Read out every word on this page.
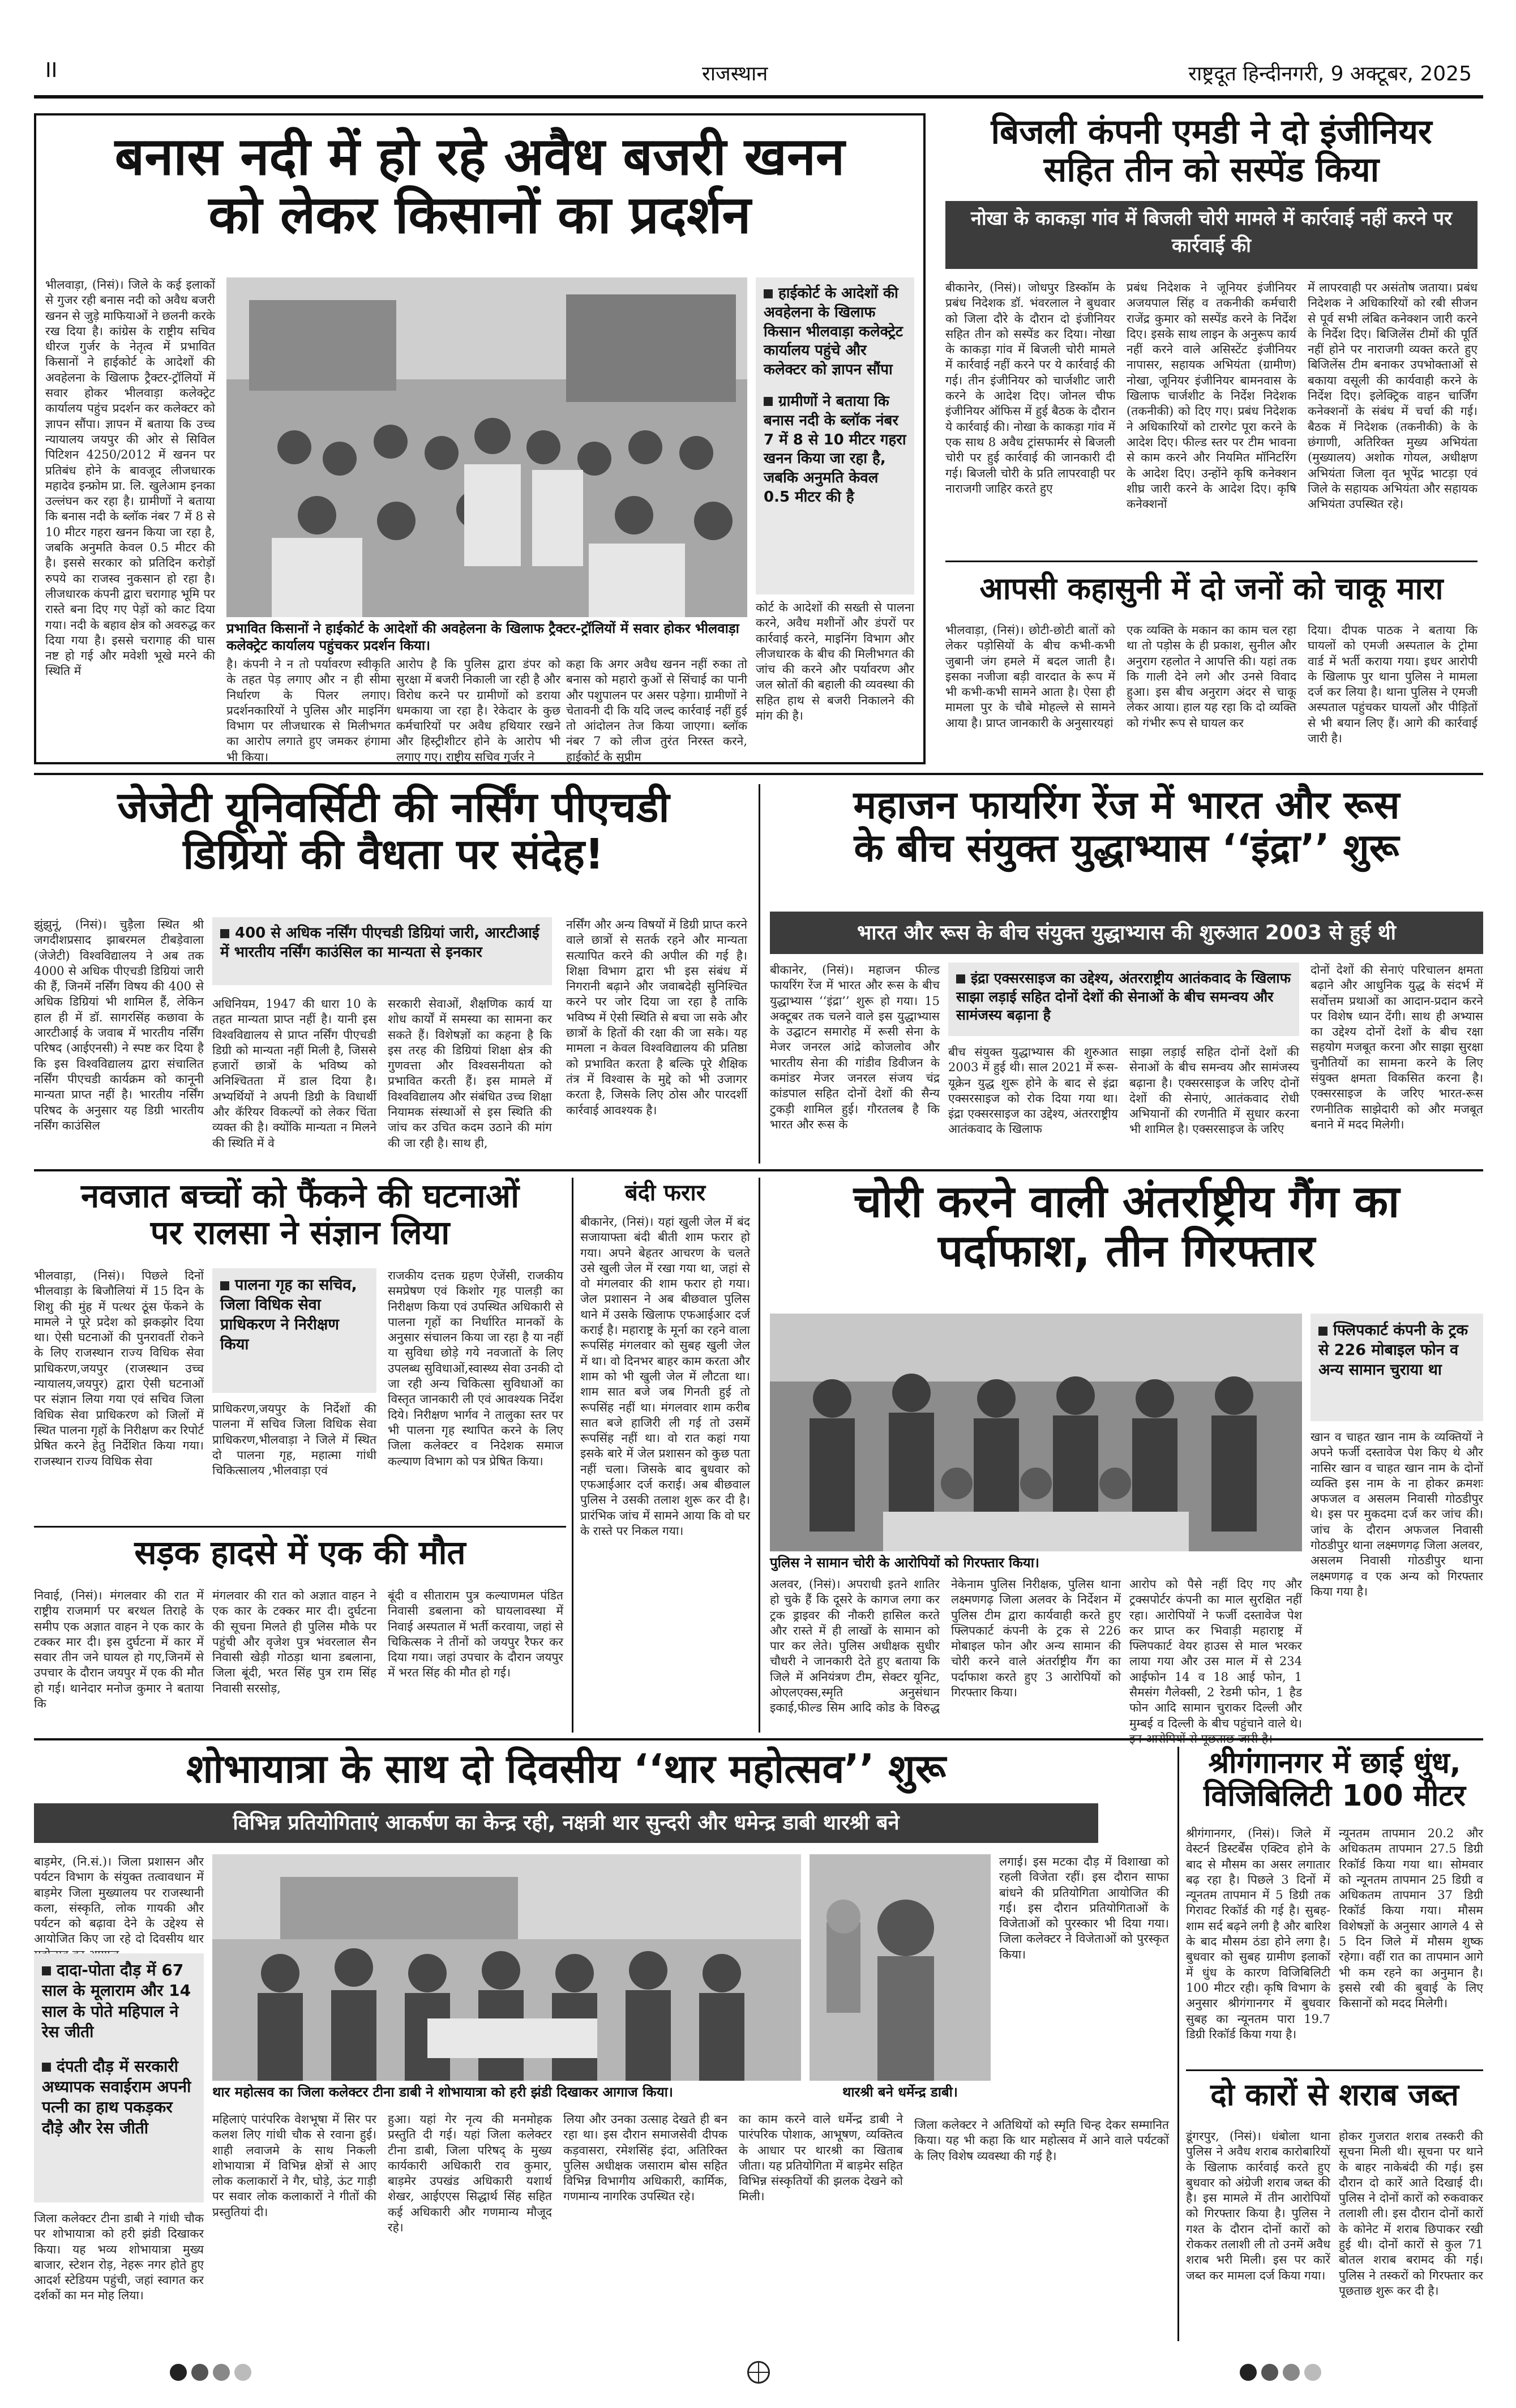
II	राजस्थान	राष्ट्रदूत हिन्दीनगरी, 9 अक्टूबर, 2025
बनास नदी में हो रहे अवैध बजरी खनन
को लेकर किसानों का प्रदर्शन
भीलवाड़ा, (निसं)। जिले के कई इलाकों से गुजर रही बनास नदी को अवैध बजरी खनन से जुड़े माफियाओं ने छलनी करके रख दिया है। कांग्रेस के राष्ट्रीय सचिव धीरज गुर्जर के नेतृत्व में प्रभावित किसानों ने हाईकोर्ट के आदेशों की अवहेलना के खिलाफ ट्रैक्टर-ट्रॉलियों में सवार होकर भीलवाड़ा कलेक्ट्रेट कार्यालय पहुंच प्रदर्शन कर कलेक्टर को ज्ञापन सौंपा। ज्ञापन में बताया कि उच्च न्यायालय जयपुर की ओर से सिविल पिटिशन 4250/2012 में खनन पर प्रतिबंध होने के बावजूद लीजधारक महादेव इन्फ्रोम प्रा. लि. खुलेआम इनका उल्लंघन कर रहा है। ग्रामीणों ने बताया कि बनास नदी के ब्लॉक नंबर 7 में 8 से 10 मीटर गहरा खनन किया जा रहा है, जबकि अनुमति केवल 0.5 मीटर की है। इससे सरकार को प्रतिदिन करोड़ों रुपये का राजस्व नुकसान हो रहा है। लीजधारक कंपनी द्वारा चरागाह भूमि पर रास्ते बना दिए गए पेड़ों को काट दिया गया। नदी के बहाव क्षेत्र को अवरुद्ध कर दिया गया है। इससे चरागाह की घास नष्ट हो गई और मवेशी भूखे मरने की स्थिति में
प्रभावित किसानों ने हाईकोर्ट के आदेशों की अवहेलना के खिलाफ ट्रैक्टर-ट्रॉलियों में सवार होकर भीलवाड़ा कलेक्ट्रेट कार्यालय पहुंचकर प्रदर्शन किया।
हाईकोर्ट के आदेशों की अवहेलना के खिलाफ किसान भीलवाड़ा कलेक्ट्रेट कार्यालय पहुंचे और कलेक्टर को ज्ञापन सौंपा
ग्रामीणों ने बताया कि बनास नदी के ब्लॉक नंबर 7 में 8 से 10 मीटर गहरा खनन किया जा रहा है, जबकि अनुमति केवल 0.5 मीटर की है
है। कंपनी ने न तो पर्यावरण स्वीकृति के तहत पेड़ लगाए और न ही सीमा निर्धारण के पिलर लगाए। प्रदर्शनकारियों ने पुलिस और माइनिंग विभाग पर लीजधारक से मिलीभगत का आरोप लगाते हुए जमकर हंगामा भी किया।
आरोप है कि पुलिस द्वारा डंपर को सुरक्षा में बजरी निकाली जा रही है और विरोध करने पर ग्रामीणों को डराया धमकाया जा रहा है। रेकेदार के कुछ कर्मचारियों पर अवैध हथियार रखने और हिस्ट्रीशीटर होने के आरोप भी लगाए गए। राष्ट्रीय सचिव गुर्जर ने
कहा कि अगर अवैध खनन नहीं रुका तो बनास को महारो कुओं से सिंचाई का पानी और पशुपालन पर असर पड़ेगा। ग्रामीणों ने चेतावनी दी कि यदि जल्द कार्रवाई नहीं हुई तो आंदोलन तेज किया जाएगा। ब्लॉक नंबर 7 को लीज तुरंत निरस्त करने, हाईकोर्ट के सुप्रीम
कोर्ट के आदेशों की सख्ती से पालना करने, अवैध मशीनों और डंपरों पर कार्रवाई करने, माइनिंग विभाग और लीजधारक के बीच की मिलीभगत की जांच की करने और पर्यावरण और जल स्रोतों की बहाली की व्यवस्था की सहित हाथ से बजरी निकालने की मांग की है।
बिजली कंपनी एमडी ने दो इंजीनियर
सहित तीन को सस्पेंड किया
नोखा के काकड़ा गांव में बिजली चोरी मामले में कार्रवाई नहीं करने पर कार्रवाई की
बीकानेर, (निसं)। जोधपुर डिस्कॉम के प्रबंध निदेशक डॉ. भंवरलाल ने बुधवार को जिला दौरे के दौरान दो इंजीनियर सहित तीन को सस्पेंड कर दिया। नोखा के काकड़ा गांव में बिजली चोरी मामले में कार्रवाई नहीं करने पर ये कार्रवाई की गई। तीन इंजीनियर को चार्जशीट जारी करने के आदेश दिए। जोनल चीफ इंजीनियर ऑफिस में हुई बैठक के दौरान ये कार्रवाई की। नोखा के काकड़ा गांव में एक साथ 8 अवैध ट्रांसफार्मर से बिजली चोरी पर हुई कार्रवाई की जानकारी दी गई। बिजली चोरी के प्रति लापरवाही पर नाराजगी जाहिर करते हुए
प्रबंध निदेशक ने जूनियर इंजीनियर अजयपाल सिंह व तकनीकी कर्मचारी राजेंद्र कुमार को सस्पेंड करने के निर्देश दिए। इसके साथ लाइन के अनुरूप कार्य नहीं करने वाले असिस्टेंट इंजीनियर नापासर, सहायक अभियंता (ग्रामीण) नोखा, जूनियर इंजीनियर बामनवास के खिलाफ चार्जशीट के निर्देश निदेशक (तकनीकी) को दिए गए। प्रबंध निदेशक ने अधिकारियों को टारगेट पूरा करने के आदेश दिए। फील्ड स्तर पर टीम भावना से काम करने और नियमित मॉनिटरिंग के आदेश दिए। उन्होंने कृषि कनेक्शन शीघ्र जारी करने के आदेश दिए। कृषि कनेक्शनों
में लापरवाही पर असंतोष जताया। प्रबंध निदेशक ने अधिकारियों को रबी सीजन से पूर्व सभी लंबित कनेक्शन जारी करने के निर्देश दिए। बिजिलेंस टीमों की पूर्ति नहीं होने पर नाराजगी व्यक्त करते हुए बिजिलेंस टीम बनाकर उपभोक्ताओं से बकाया वसूली की कार्यवाही करने के निर्देश दिए। इलेक्ट्रिक वाहन चार्जिंग कनेक्शनों के संबंध में चर्चा की गई। बैठक में निदेशक (तकनीकी) के के छंगाणी, अतिरिक्त मुख्य अभियंता (मुख्यालय) अशोक गोयल, अधीक्षण अभियंता जिला वृत भूपेंद्र भाटड़ा एवं जिले के सहायक अभियंता और सहायक अभियंता उपस्थित रहे।
आपसी कहासुनी में दो जनों को चाकू मारा
भीलवाड़ा, (निसं)। छोटी-छोटी बातों को लेकर पड़ोसियों के बीच कभी-कभी जुबानी जंग हमले में बदल जाती है। इसका नजीजा बड़ी वारदात के रूप में भी कभी-कभी सामने आता है। ऐसा ही मामला पुर के चौबे मोहल्ले से सामने आया है। प्राप्त जानकारी के अनुसारयहां
एक व्यक्ति के मकान का काम चल रहा था तो पड़ोस के ही प्रकाश, सुनील और अनुराग रहलोत ने आपत्ति की। यहां तक कि गाली देने लगे और उनसे विवाद हुआ। इस बीच अनुराग अंदर से चाकू लेकर आया। हाल यह रहा कि दो व्यक्ति को गंभीर रूप से घायल कर
दिया। दीपक पाठक ने बताया कि घायलों को एमजी अस्पताल के ट्रोमा वार्ड में भर्ती कराया गया। इधर आरोपी के खिलाफ पुर थाना पुलिस ने मामला दर्ज कर लिया है। थाना पुलिस ने एमजी अस्पताल पहुंचकर घायलों और पीड़ितों से भी बयान लिए हैं। आगे की कार्रवाई जारी है।
जेजेटी यूनिवर्सिटी की नर्सिंग पीएचडी
डिग्रियों की वैधता पर संदेह!
झुंझुनूं, (निसं)। चुड़ैला स्थित श्री जगदीशप्रसाद झाबरमल टीबड़ेवाला (जेजेटी) विश्वविद्यालय ने अब तक 4000 से अधिक पीएचडी डिग्रियां जारी की हैं, जिनमें नर्सिंग विषय की 400 से अधिक डिग्रियां भी शामिल हैं, लेकिन हाल ही में डॉ. सागरसिंह कछावा के आरटीआई के जवाब में भारतीय नर्सिंग परिषद (आईएनसी) ने स्पष्ट कर दिया है कि इस विश्वविद्यालय द्वारा संचालित नर्सिंग पीएचडी कार्यक्रम को कानूनी मान्यता प्राप्त नहीं है। भारतीय नर्सिंग परिषद के अनुसार यह डिग्री भारतीय नर्सिंग काउंसिल
400 से अधिक नर्सिंग पीएचडी डिग्रियां जारी, आरटीआई में भारतीय नर्सिंग काउंसिल का मान्यता से इनकार
अधिनियम, 1947 की धारा 10 के तहत मान्यता प्राप्त नहीं है। यानी इस विश्वविद्यालय से प्राप्त नर्सिंग पीएचडी डिग्री को मान्यता नहीं मिली है, जिससे हजारों छात्रों के भविष्य को अनिश्चितता में डाल दिया है। अभ्यर्थियों ने अपनी डिग्री के विधार्थी और कॅरियर विकल्पों को लेकर चिंता व्यक्त की है। क्योंकि मान्यता न मिलने की स्थिति में वे
सरकारी सेवाओं, शैक्षणिक कार्य या शोध कार्यों में समस्या का सामना कर सकते हैं। विशेषज्ञों का कहना है कि इस तरह की डिग्रियां शिक्षा क्षेत्र की गुणवत्ता और विश्वसनीयता को प्रभावित करती हैं। इस मामले में विश्वविद्यालय और संबंधित उच्च शिक्षा नियामक संस्थाओं से इस स्थिति की जांच कर उचित कदम उठाने की मांग की जा रही है। साथ ही,
नर्सिंग और अन्य विषयों में डिग्री प्राप्त करने वाले छात्रों से सतर्क रहने और मान्यता सत्यापित करने की अपील की गई है। शिक्षा विभाग द्वारा भी इस संबंध में निगरानी बढ़ाने और जवाबदेही सुनिश्चित करने पर जोर दिया जा रहा है ताकि भविष्य में ऐसी स्थिति से बचा जा सके और छात्रों के हितों की रक्षा की जा सके। यह मामला न केवल विश्वविद्यालय की प्रतिष्ठा को प्रभावित करता है बल्कि पूरे शैक्षिक तंत्र में विश्वास के मुद्दे को भी उजागर करता है, जिसके लिए ठोस और पारदर्शी कार्रवाई आवश्यक है।
महाजन फायरिंग रेंज में भारत और रूस
के बीच संयुक्त युद्धाभ्यास ‘‘इंद्रा’’ शुरू
भारत और रूस के बीच संयुक्त युद्धाभ्यास की शुरुआत 2003 से हुई थी
बीकानेर, (निसं)। महाजन फील्ड फायरिंग रेंज में भारत और रूस के बीच युद्धाभ्यास ‘‘इंद्रा’’ शुरू हो गया। 15 अक्टूबर तक चलने वाले इस युद्धाभ्यास के उद्घाटन समारोह में रूसी सेना के मेजर जनरल आंद्रे कोजलोव और भारतीय सेना की गांडीव डिवीजन के कमांडर मेजर जनरल संजय चंद्र कांडपाल सहित दोनों देशों की सैन्य टुकड़ी शामिल हुई। गौरतलब है कि भारत और रूस के
इंद्रा एक्सरसाइज का उद्देश्य, अंतरराष्ट्रीय आतंकवाद के खिलाफ साझा लड़ाई सहित दोनों देशों की सेनाओं के बीच समन्वय और सामंजस्य बढ़ाना है
बीच संयुक्त युद्धाभ्यास की शुरुआत 2003 में हुई थी। साल 2021 में रूस-यूक्रेन युद्ध शुरू होने के बाद से इंद्रा एक्सरसाइज को रोक दिया गया था। इंद्रा एक्सरसाइज का उद्देश्य, अंतरराष्ट्रीय आतंकवाद के खिलाफ
साझा लड़ाई सहित दोनों देशों की सेनाओं के बीच समन्वय और सामंजस्य बढ़ाना है। एक्सरसाइज के जरिए दोनों देशों की सेनाएं, आतंकवाद रोधी अभियानों की रणनीति में सुधार करना भी शामिल है। एक्सरसाइज के जरिए
दोनों देशों की सेनाएं परिचालन क्षमता बढ़ाने और आधुनिक युद्ध के संदर्भ में सर्वोत्तम प्रथाओं का आदान-प्रदान करने पर विशेष ध्यान देंगी। साथ ही अभ्यास का उद्देश्य दोनों देशों के बीच रक्षा सहयोग मजबूत करना और साझा सुरक्षा चुनौतियों का सामना करने के लिए संयुक्त क्षमता विकसित करना है। एक्सरसाइज के जरिए भारत-रूस रणनीतिक साझेदारी को और मजबूत बनाने में मदद मिलेगी।
नवजात बच्चों को फैंकने की घटनाओं
पर रालसा ने संज्ञान लिया
भीलवाड़ा, (निसं)। पिछले दिनों भीलवाड़ा के बिजौलियां में 15 दिन के शिशु की मुंह में पत्थर ठूंस फेंकने के मामले ने पूरे प्रदेश को झकझोर दिया था। ऐसी घटनाओं की पुनरावर्ती रोकने के लिए राजस्थान राज्य विधिक सेवा प्राधिकरण,जयपुर (राजस्थान उच्च न्यायालय,जयपुर) द्वारा ऐसी घटनाओं पर संज्ञान लिया गया एवं सचिव जिला विधिक सेवा प्राधिकरण को जिलों में स्थित पालना गृहों के निरीक्षण कर रिपोर्ट प्रेषित करने हेतु निर्देशित किया गया। राजस्थान राज्य विधिक सेवा
पालना गृह का सचिव, जिला विधिक सेवा प्राधिकरण ने निरीक्षण किया
प्राधिकरण,जयपुर के निर्देशों की पालना में सचिव जिला विधिक सेवा प्राधिकरण,भीलवाड़ा ने जिले में स्थित दो पालना गृह, महात्मा गांधी चिकित्सालय ,भीलवाड़ा एवं
राजकीय दत्तक ग्रहण ऐजेंसी, राजकीय समप्रेषण एवं किशोर गृह पालड़ी का निरीक्षण किया एवं उपस्थित अधिकारी से पालना गृहों का निर्धारित मानकों के अनुसार संचालन किया जा रहा है या नहीं या सुविधा छोड़े गये नवजातों के लिए उपलब्ध सुविधाओं,स्वास्थ्य सेवा उनकी दो जा रही अन्य चिकित्सा सुविधाओं का विस्तृत जानकारी ली एवं आवश्यक निर्देश दिये। निरीक्षण भार्गव ने तालुका स्तर पर भी पालना गृह स्थापित करने के लिए जिला कलेक्टर व निदेशक समाज कल्याण विभाग को पत्र प्रेषित किया।
सड़क हादसे में एक की मौत
निवाई, (निसं)। मंगलवार की रात में राष्ट्रीय राजमार्ग पर बरथल तिराहे के समीप एक अज्ञात वाहन ने एक कार के टक्कर मार दी। इस दुर्घटना में कार में सवार तीन जने घायल हो गए,जिनमें से उपचार के दौरान जयपुर में एक की मौत हो गई। थानेदार मनोज कुमार ने बताया कि
मंगलवार की रात को अज्ञात वाहन ने एक कार के टक्कर मार दी। दुर्घटना की सूचना मिलते ही पुलिस मौके पर पहुंची और वृजेश पुत्र भंवरलाल सैन निवासी खेड़ी गोठड़ा थाना डबलाना, जिला बूंदी, भरत सिंह पुत्र राम सिंह निवासी सरसोड़,
बूंदी व सीताराम पुत्र कल्याणमल पंडित निवासी डबलाना को घायलावस्था में निवाई अस्पताल में भर्ती करवाया, जहां से चिकित्सक ने तीनों को जयपुर रैफर कर दिया गया। जहां उपचार के दौरान जयपुर में भरत सिंह की मौत हो गई।
बंदी फरार
बीकानेर, (निसं)। यहां खुली जेल में बंद सजायाफ्ता बंदी बीती शाम फरार हो गया। अपने बेहतर आचरण के चलते उसे खुली जेल में रखा गया था, जहां से वो मंगलवार की शाम फरार हो गया। जेल प्रशासन ने अब बीछवाल पुलिस थाने में उसके खिलाफ एफआईआर दर्ज कराई है। महाराष्ट्र के मूर्ना का रहने वाला रूपसिंह मंगलवार को सुबह खुली जेल में था। वो दिनभर बाहर काम करता और शाम को भी खुली जेल में लौटता था। शाम सात बजे जब गिनती हुई तो रूपसिंह नहीं था। मंगलवार शाम करीब सात बजे हाजिरी ली गई तो उसमें रूपसिंह नहीं था। वो रात कहां गया इसके बारे में जेल प्रशासन को कुछ पता नहीं चला। जिसके बाद बुधवार को एफआईआर दर्ज कराई। अब बीछवाल पुलिस ने उसकी तलाश शुरू कर दी है। प्रारंभिक जांच में सामने आया कि वो घर के रास्ते पर निकल गया।
चोरी करने वाली अंतर्राष्ट्रीय गैंग का
पर्दाफाश, तीन गिरफ्तार
पुलिस ने सामान चोरी के आरोपियों को गिरफ्तार किया।
फ्लिपकार्ट कंपनी के ट्रक से 226 मोबाइल फोन व अन्य सामान चुराया था
अलवर, (निसं)। अपराधी इतने शातिर हो चुके हैं कि दूसरे के कागज लगा कर ट्रक ड्राइवर की नौकरी हासिल करते और रास्ते में ही लाखों के सामान को पार कर लेते। पुलिस अधीक्षक सुधीर चौधरी ने जानकारी देते हुए बताया कि जिले में अनियंत्रण टीम, सेक्टर यूनिट, ओएलएक्स,स्मृति अनुसंधान इकाई,फील्ड सिम आदि कोड के विरुद्ध नेकेनाम पुलिस निरीक्षक, पुलिस थाना लक्ष्मणगढ़ जिला अलवर के निर्देशन में पुलिस टीम द्वारा कार्यवाही करते हुए फ्लिपकार्ट कंपनी के ट्रक से 226 मोबाइल फोन और अन्य सामान की चोरी करने वाले अंतर्राष्ट्रीय गैंग का पर्दाफाश करते हुए 3 आरोपियों को गिरफ्तार किया।
आरोप को पैसे नहीं दिए गए और ट्रक्सपोर्टर कंपनी का माल सुरक्षित नहीं रहा। आरोपियों ने फर्जी दस्तावेज पेश कर प्राप्त कर भिवाड़ी महाराष्ट्र में फ्लिपकार्ट वेयर हाउस से माल भरकर लाया गया और उस माल में से 234 आईफोन 14 व 18 आई फोन, 1 सैमसंग गैलेक्सी, 2 रेडमी फोन, 1 हैड फोन आदि सामान चुराकर दिल्ली और मुम्बई व दिल्ली के बीच पहुंचाने वाले थे।
खान व चाहत खान नाम के व्यक्तियों ने अपने फर्जी दस्तावेज पेश किए थे और नासिर खान व चाहत खान नाम के दोनों व्यक्ति इस नाम के ना होकर क्रमशः अफजल व असलम निवासी गोठडीपुर थे। इस पर मुकदमा दर्ज कर जांच की। जांच के दौरान अफजल निवासी गोठडीपुर थाना लक्ष्मणगढ़ जिला अलवर, असलम निवासी गोठडीपुर थाना लक्ष्मणगढ़ व एक अन्य को गिरफ्तार किया गया है।
शोभायात्रा के साथ दो दिवसीय ‘‘थार महोत्सव’’ शुरू
विभिन्न प्रतियोगिताएं आकर्षण का केन्द्र रही, नक्षत्री थार सुन्दरी और धमेन्द्र डाबी थारश्री बने
बाड़मेर, (नि.सं.)। जिला प्रशासन और पर्यटन विभाग के संयुक्त तत्वावधान में बाड़मेर जिला मुख्यालय पर राजस्थानी कला, संस्कृति, लोक गायकी और पर्यटन को बढ़ावा देने के उद्देश्य से आयोजित किए जा रहे दो दिवसीय थार
दादा-पोता दौड़ में 67 साल के मूलाराम और 14 साल के पोते महिपाल ने रेस जीती
दंपती दौड़ में सरकारी अध्यापक सवाईराम अपनी पत्नी का हाथ पकड़कर दौड़े और रेस जीती
जिला कलेक्टर टीना डाबी ने गांधी चौक पर शोभायात्रा को हरी झंडी दिखाकर किया। यह भव्य शोभायात्रा मुख्य बाजार, स्टेशन रोड़, नेहरू नगर होते हुए आदर्श स्टेडियम पहुंची, जहां स्वागत कर दर्शकों का मन मोह लिया।
थार महोत्सव का जिला कलेक्टर टीना डाबी ने शोभायात्रा को हरी झंडी दिखाकर आगाज किया।	थारश्री बने धर्मेन्द्र डाबी।
लगाई। इस मटका दौड़ में विशाखा को रहली विजेता रहीं। इस दौरान साफा बांधने की प्रतियोगिता आयोजित की गई। इस दौरान प्रतियोगिताओं के विजेताओं को पुरस्कार भी दिया गया। जिला कलेक्टर ने विजेताओं को पुरस्कृत किया।
महिलाएं पारंपरिक वेशभूषा में सिर पर कलश लिए गांधी चौक से रवाना हुई। शाही लवाजमे के साथ निकली शोभायात्रा में विभिन्न क्षेत्रों से आए लोक कलाकारों ने गैर, घोड़े, ऊंट गाड़ी पर सवार लोक कलाकारों ने गीतों की प्रस्तुतियां दी।
हुआ। यहां गेर नृत्य की मनमोहक प्रस्तुति दी गई। यहां जिला कलेक्टर टीना डाबी, जिला परिषद् के मुख्य कार्यकारी अधिकारी राव कुमार, बाड़मेर उपखंड अधिकारी यशार्थ शेखर, आईएएस सिद्धार्थ सिंह सहित कई अधिकारी और गणमान्य मौजूद रहे।
लिया और उनका उत्साह देखते ही बन रहा था। इस दौरान समाजसेवी दीपक कड़वासरा, रमेशसिंह इंदा, अतिरिक्त पुलिस अधीक्षक जसाराम बोस सहित विभिन्न विभागीय अधिकारी, कार्मिक, गणमान्य नागरिक उपस्थित रहे।
का काम करने वाले धर्मेन्द्र डाबी ने पारंपरिक पोशाक, आभूषण, व्यक्तित्व के आधार पर थारश्री का खिताब जीता। यह प्रतियोगिता में बाड़मेर सहित विभिन्न संस्कृतियों की झलक देखने को मिली।
जिला कलेक्टर ने अतिथियों को स्मृति चिन्ह देकर सम्मानित किया। यह भी कहा कि थार महोत्सव में आने वाले पर्यटकों के लिए विशेष व्यवस्था की गई है।
श्रीगंगानगर में छाई धुंध,
विजिबिलिटी 100 मीटर
श्रीगंगानगर, (निसं)। जिले में वेस्टर्न डिस्टर्बेंस एक्टिव होने के बाद से मौसम का असर लगातार बढ़ रहा है। पिछले 3 दिनों में न्यूनतम तापमान में 5 डिग्री तक गिरावट रिकॉर्ड की गई है। सुबह-शाम सर्द बढ़ने लगी है और बारिश के बाद मौसम ठंडा होने लगा है। बुधवार को सुबह ग्रामीण इलाकों में धुंध के कारण विजिबिलिटी 100 मीटर रही। कृषि विभाग के अनुसार श्रीगंगानगर में बुधवार सुबह का न्यूनतम पारा 19.7 डिग्री रिकॉर्ड किया गया है।
न्यूनतम तापमान 20.2 और अधिकतम तापमान 27.5 डिग्री रिकॉर्ड किया गया था। सोमवार को न्यूनतम तापमान 25 डिग्री व अधिकतम तापमान 37 डिग्री रिकॉर्ड किया गया। मौसम विशेषज्ञों के अनुसार आगले 4 से 5 दिन जिले में मौसम शुष्क रहेगा। वहीं रात का तापमान आगे भी कम रहने का अनुमान है। इससे रबी की बुवाई के लिए किसानों को मदद मिलेगी।
दो कारों से शराब जब्त
डूंगरपुर, (निसं)। धंबोला थाना पुलिस ने अवैध शराब कारोबारियों के खिलाफ कार्रवाई करते हुए बुधवार को अंग्रेजी शराब जब्त की है। इस मामले में तीन आरोपियों को गिरफ्तार किया है। पुलिस ने गश्त के दौरान दोनों कारों को रोककर तलाशी ली तो उनमें अवैध शराब भरी मिली। इस पर कारें जब्त कर मामला दर्ज किया गया।
होकर गुजरात शराब तस्करी की सूचना मिली थी। सूचना पर थाने के बाहर नाकेबंदी की गई। इस दौरान दो कारें आते दिखाई दी। पुलिस ने दोनों कारों को रुकवाकर तलाशी ली। इस दौरान दोनों कारों के कोनेट में शराब छिपाकर रखी हुई थी। दोनों कारों से कुल 71 बोतल शराब बरामद की गई। पुलिस ने तस्करों को गिरफ्तार कर पूछताछ शुरू कर दी है।
